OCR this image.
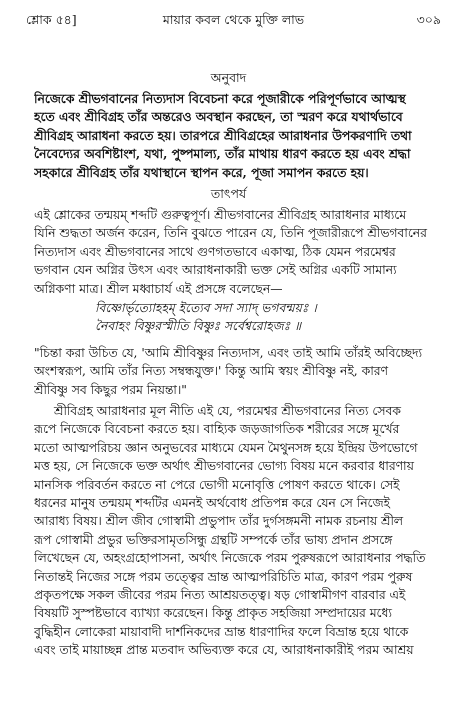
শ্লোক ৫৪]	মায়ার কবল থেকে মুক্তি লাভ	৩০৯
অনুবাদ
নিজেকে শ্রীভগবানের নিত্যদাস বিবেচনা করে পূজারীকে পরিপূর্ণভাবে আত্মস্থ
হতে এবং শ্রীবিগ্রহ তাঁর অন্তরেও অবস্থান করছেন, তা স্মরণ করে যথার্থভাবে
শ্রীবিগ্রহ আরাধনা করতে হয়। তারপরে শ্রীবিগ্রহের আরাধনার উপকরণাদি তথা
নৈবেদ্যের অবশিষ্টাংশ, যথা, পুষ্পমাল্য, তাঁর মাথায় ধারণ করতে হয় এবং শ্রদ্ধা
সহকারে শ্রীবিগ্রহ তাঁর যথাস্থানে স্থাপন করে, পূজা সমাপন করতে হয়।
তাৎপর্য
এই শ্লোকের তন্ময়ম্ শব্দটি গুরুত্বপূর্ণ। শ্রীভগবানের শ্রীবিগ্রহ আরাধনার মাধ্যমে
যিনি শুদ্ধতা অর্জন করেন, তিনি বুঝতে পারেন যে, তিনি পূজারীরূপে শ্রীভগবানের
নিত্যদাস এবং শ্রীভগবানের সাথে গুণগতভাবে একাত্ম, ঠিক যেমন পরমেশ্বর
ভগবান যেন অগ্নির উৎস এবং আরাধনাকারী ভক্ত সেই অগ্নির একটি সামান্য
অগ্নিকণা মাত্র। শ্রীল মধ্বাচার্য এই প্রসঙ্গে বলেছেন—
বিষ্ণোর্ভৃত্যোহহম্ ইত্যেব সদা স্যাদ্ ভগবন্ময়ঃ ।
নৈবাহং বিষ্ণুরস্মীতি বিষ্ণুঃ সর্বেশ্বরোহজঃ ॥
"চিন্তা করা উচিত যে, 'আমি শ্রীবিষ্ণুর নিত্যদাস, এবং তাই আমি তাঁরই অবিচ্ছেদ্য
অংশস্বরূপ, আমি তাঁর নিত্য সম্বন্ধযুক্ত।' কিন্তু আমি স্বয়ং শ্রীবিষ্ণু নই, কারণ
শ্রীবিষ্ণু সব কিছুর পরম নিয়ন্তা।"
শ্রীবিগ্রহ আরাধনার মূল নীতি এই যে, পরমেশ্বর শ্রীভগবানের নিত্য সেবক
রূপে নিজেকে বিবেচনা করতে হয়। বাহ্যিক জড়জাগতিক শরীরের সঙ্গে মূর্খের
মতো আত্মপরিচয় জ্ঞান অনুভবের মাধ্যমে যেমন মৈথুনসঙ্গ হয়ে ইন্দ্রিয় উপভোগে
মত্ত হয়, সে নিজেকে ভক্ত অর্থাৎ শ্রীভগবানের ভোগ্য বিষয় মনে করবার ধারণায়
মানসিক পরিবর্তন করতে না পেরে ভোগী মনোবৃত্তি পোষণ করতে থাকে। সেই
ধরনের মানুষ তন্ময়ম্ শব্দটির এমনই অর্থবোধ প্রতিপন্ন করে যেন সে নিজেই
আরাধ্য বিষয়। শ্রীল জীব গোস্বামী প্রভুপাদ তাঁর দুর্গসঙ্গমনী নামক রচনায় শ্রীল
রূপ গোস্বামী প্রভুর ভক্তিরসামৃতসিন্ধু গ্রন্থটি সম্পর্কে তাঁর ভাষ্য প্রদান প্রসঙ্গে
লিখেছেন যে, অহংগ্রহোপাসনা, অর্থাৎ নিজেকে পরম পুরুষরূপে আরাধনার পদ্ধতি
নিতান্তই নিজের সঙ্গে পরম তত্ত্বের ভ্রান্ত আত্মপরিচিতি মাত্র, কারণ পরম পুরুষ
প্রকৃতপক্ষে সকল জীবের পরম নিত্য আশ্রয়তত্ত্ব। ষড় গোস্বামীগণ বারবার এই
বিষয়টি সুস্পষ্টভাবে ব্যাখ্যা করেছেন। কিন্তু প্রাকৃত সহজিয়া সম্প্রদায়ের মধ্যে
বুদ্ধিহীন লোকেরা মায়াবাদী দার্শনিকদের ভ্রান্ত ধারণাদির ফলে বিভ্রান্ত হয়ে থাকে
এবং তাই মায়াচ্ছন্ন প্রান্ত মতবাদ অভিব্যক্ত করে যে, আরাধনাকারীই পরম আশ্রয়
